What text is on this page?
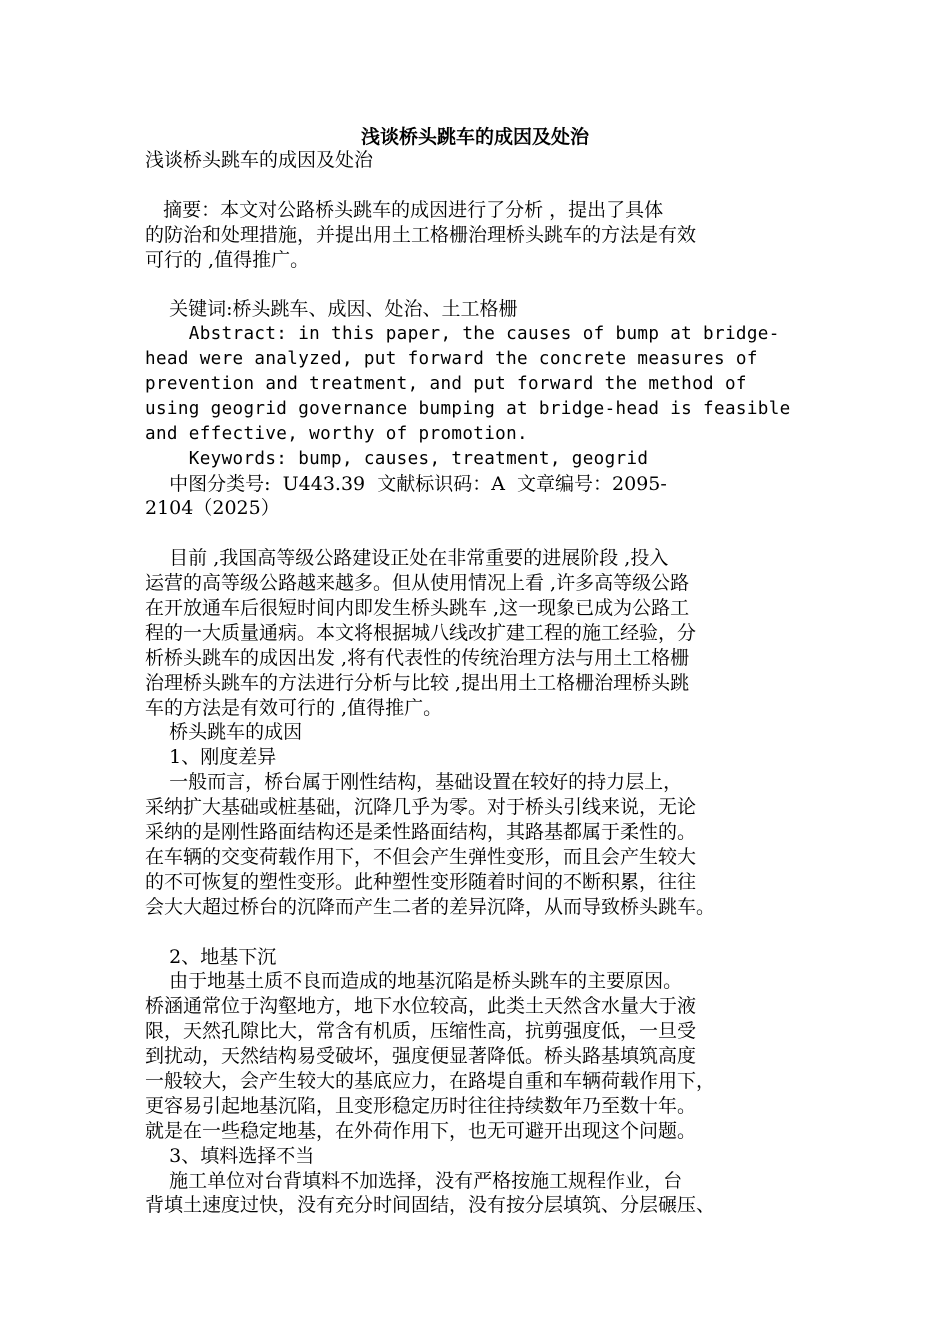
浅谈桥头跳车的成因及处治
浅谈桥头跳车的成因及处治
摘要：本文对公路桥头跳车的成因进行了分析 ，提出了具体
的防治和处理措施，并提出用土工格栅治理桥头跳车的方法是有效
可行的 ,值得推广。
关键词:桥头跳车、成因、处治、土工格栅
Abstract: in this paper, the causes of bump at bridge-
head were analyzed, put forward the concrete measures of
prevention and treatment, and put forward the method of
using geogrid governance bumping at bridge-head is feasible
and effective, worthy of promotion.
Keywords: bump, causes, treatment, geogrid
中图分类号:  U443.39  文献标识码：A  文章编号：2095-
2104（2025）
目前 ,我国高等级公路建设正处在非常重要的进展阶段 ,投入
运营的高等级公路越来越多。但从使用情况上看 ,许多高等级公路
在开放通车后很短时间内即发生桥头跳车 ,这一现象已成为公路工
程的一大质量通病。本文将根据城八线改扩建工程的施工经验，分
析桥头跳车的成因出发 ,将有代表性的传统治理方法与用土工格栅
治理桥头跳车的方法进行分析与比较 ,提出用土工格栅治理桥头跳
车的方法是有效可行的 ,值得推广。
桥头跳车的成因
1、刚度差异
一般而言，桥台属于刚性结构，基础设置在较好的持力层上，
采纳扩大基础或桩基础，沉降几乎为零。对于桥头引线来说，无论
采纳的是刚性路面结构还是柔性路面结构，其路基都属于柔性的。
在车辆的交变荷载作用下，不但会产生弹性变形，而且会产生较大
的不可恢复的塑性变形。此种塑性变形随着时间的不断积累，往往
会大大超过桥台的沉降而产生二者的差异沉降，从而导致桥头跳车。
2、地基下沉
由于地基土质不良而造成的地基沉陷是桥头跳车的主要原因。
桥涵通常位于沟壑地方，地下水位较高，此类土天然含水量大于液
限，天然孔隙比大，常含有机质，压缩性高，抗剪强度低，一旦受
到扰动，天然结构易受破坏，强度便显著降低。桥头路基填筑高度
一般较大，会产生较大的基底应力，在路堤自重和车辆荷载作用下，
更容易引起地基沉陷，且变形稳定历时往往持续数年乃至数十年。
就是在一些稳定地基，在外荷作用下，也无可避开出现这个问题。
3、填料选择不当
施工单位对台背填料不加选择，没有严格按施工规程作业，台
背填土速度过快，没有充分时间固结，没有按分层填筑、分层碾压、
